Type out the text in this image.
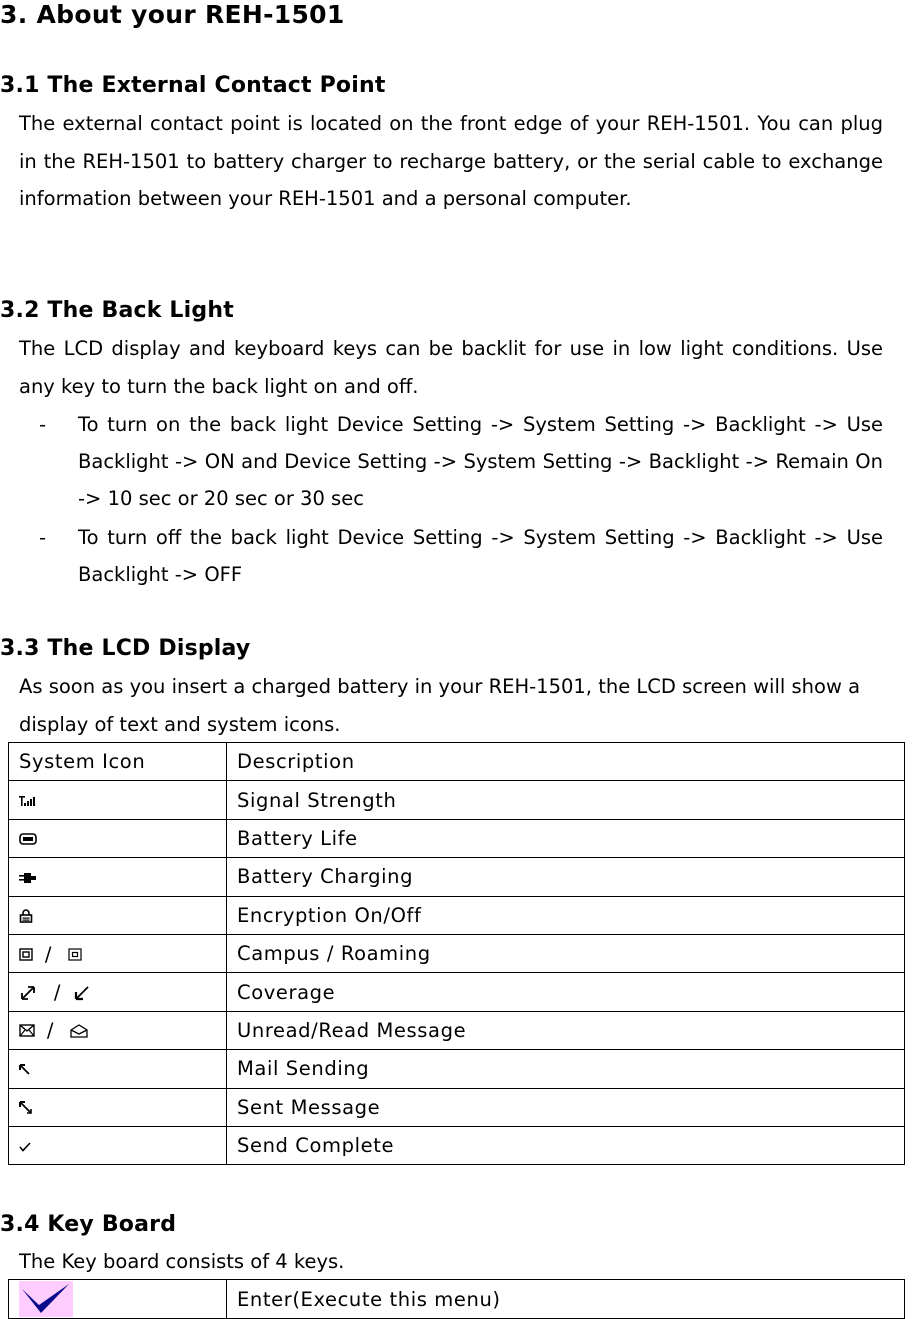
3. About your REH-1501
3.1 The External Contact Point
The external contact point is located on the front edge of your REH-1501. You can plug in the REH-1501 to battery charger to recharge battery, or the serial cable to exchange information between your REH-1501 and a personal computer.
3.2 The Back Light
The LCD display and keyboard keys can be backlit for use in low light conditions. Use any key to turn the back light on and off.
- To turn on the back light Device Setting -> System Setting -> Backlight -> Use Backlight -> ON and Device Setting -> System Setting -> Backlight -> Remain On -> 10 sec or 20 sec or 30 sec
- To turn off the back light Device Setting -> System Setting -> Backlight -> Use Backlight -> OFF
3.3 The LCD Display
As soon as you insert a charged battery in your REH-1501, the LCD screen will show a display of text and system icons.
System Icon	Description
	Signal Strength
	Battery Life
	Battery Charging
	Encryption On/Off
/	Campus / Roaming
/	Coverage
/	Unread/Read Message
	Mail Sending
	Sent Message
	Send Complete
3.4 Key Board
The Key board consists of 4 keys.
	Enter(Execute this menu)
